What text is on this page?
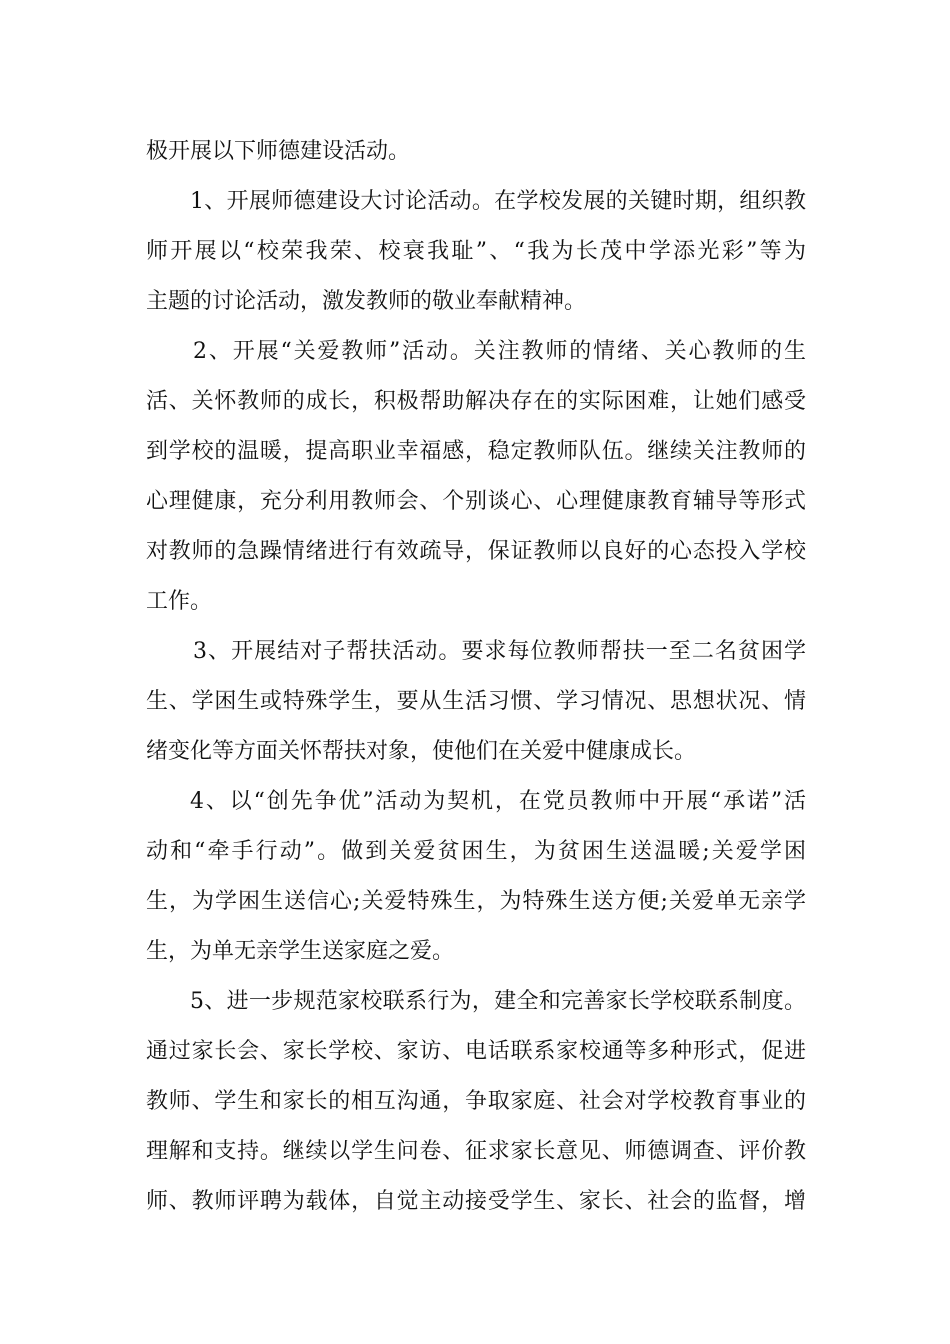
极开展以下师德建设活动。
1、开展师德建设大讨论活动。在学校发展的关键时期，组织教
师开展以“校荣我荣、校衰我耻”、“我为长茂中学添光彩”等为
主题的讨论活动，激发教师的敬业奉献精神。
2、开展“关爱教师”活动。关注教师的情绪、关心教师的生
活、关怀教师的成长，积极帮助解决存在的实际困难，让她们感受
到学校的温暖，提高职业幸福感，稳定教师队伍。继续关注教师的
心理健康，充分利用教师会、个别谈心、心理健康教育辅导等形式
对教师的急躁情绪进行有效疏导，保证教师以良好的心态投入学校
工作。
3、开展结对子帮扶活动。要求每位教师帮扶一至二名贫困学
生、学困生或特殊学生，要从生活习惯、学习情况、思想状况、情
绪变化等方面关怀帮扶对象，使他们在关爱中健康成长。
4、以“创先争优”活动为契机，在党员教师中开展“承诺”活
动和“牵手行动”。做到关爱贫困生，为贫困生送温暖;关爱学困
生，为学困生送信心;关爱特殊生，为特殊生送方便;关爱单无亲学
生，为单无亲学生送家庭之爱。
5、进一步规范家校联系行为，建全和完善家长学校联系制度。
通过家长会、家长学校、家访、电话联系家校通等多种形式，促进
教师、学生和家长的相互沟通，争取家庭、社会对学校教育事业的
理解和支持。继续以学生问卷、征求家长意见、师德调查、评价教
师、教师评聘为载体，自觉主动接受学生、家长、社会的监督，增
